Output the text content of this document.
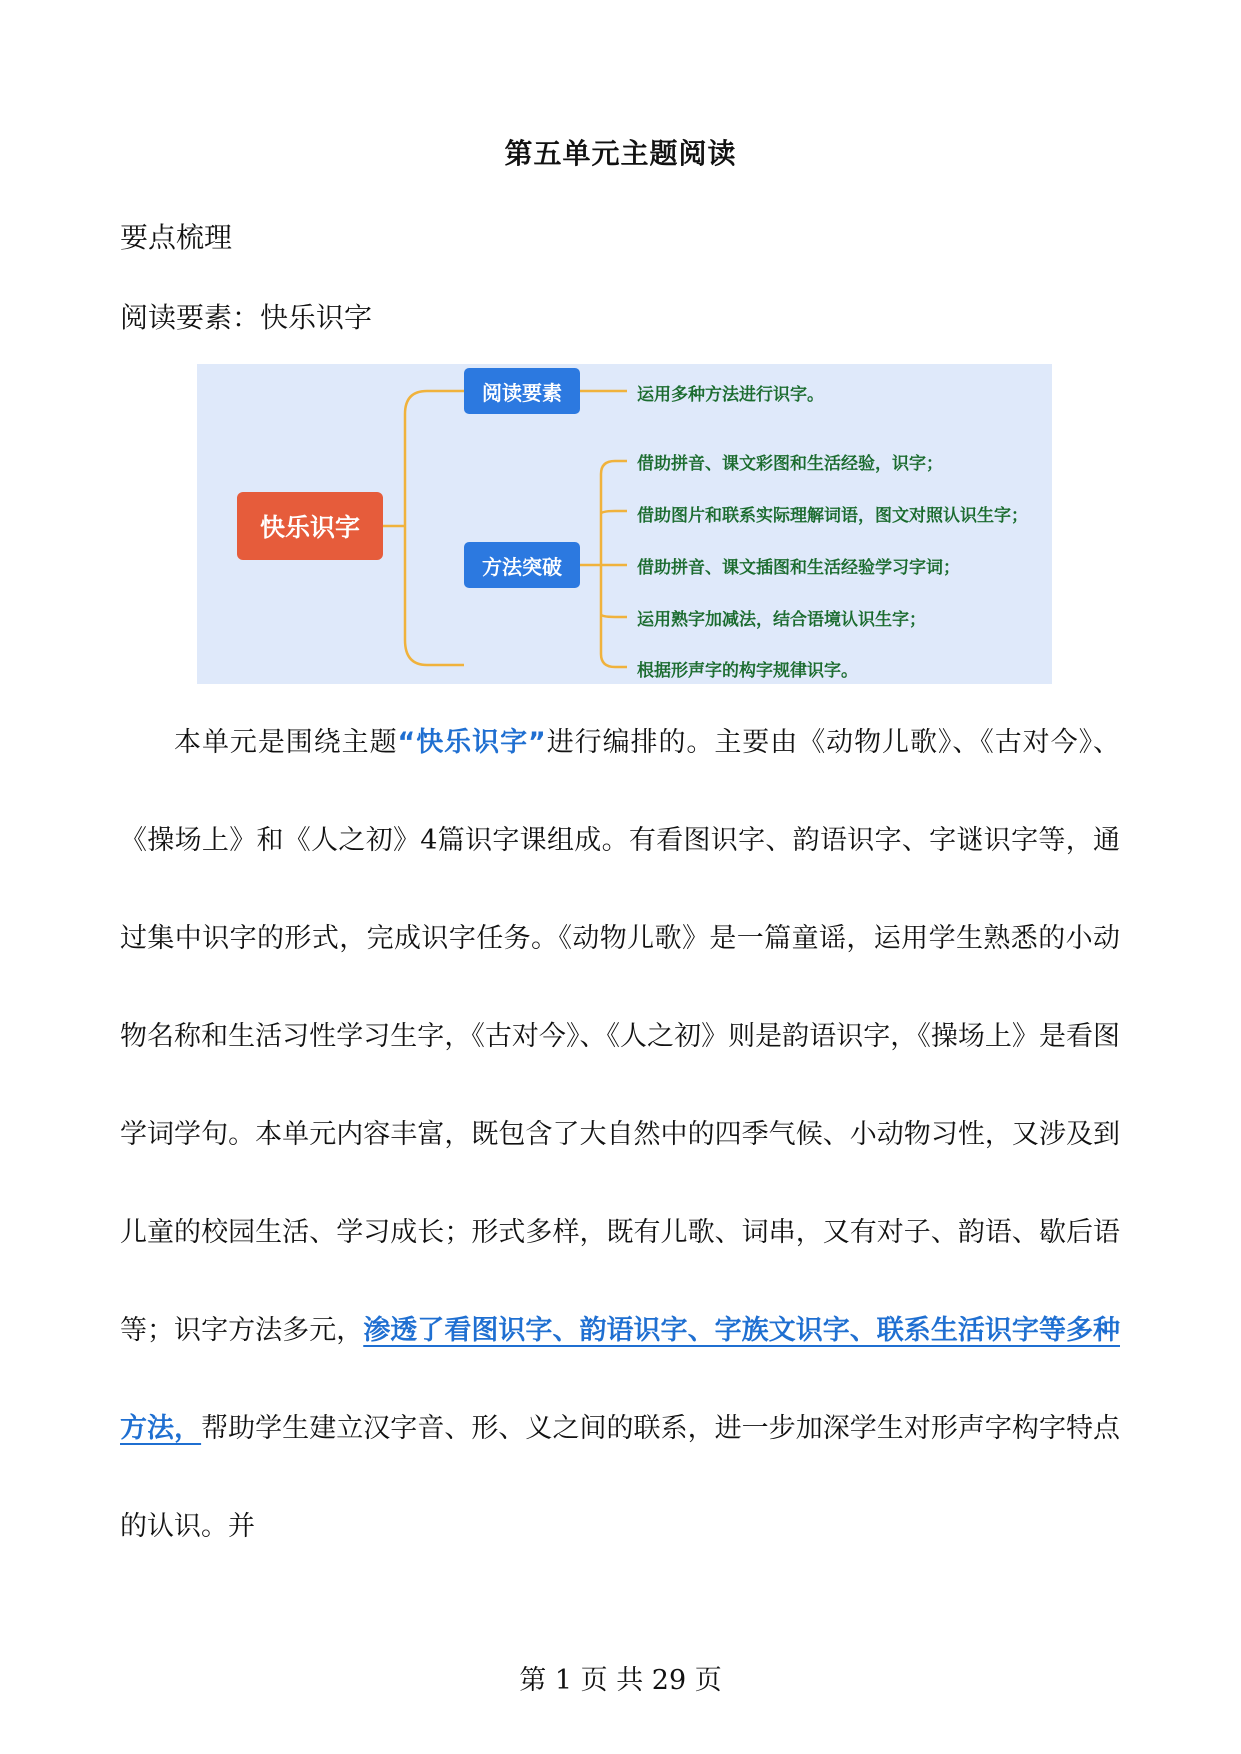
第五单元主题阅读
要点梳理
阅读要素：快乐识字
快乐识字
阅读要素
方法突破
运用多种方法进行识字。
借助拼音、课文彩图和生活经验，识字；
借助图片和联系实际理解词语，图文对照认识生字；
借助拼音、课文插图和生活经验学习字词；
运用熟字加减法，结合语境认识生字；
根据形声字的构字规律识字。

本单元是围绕主题“快乐识字”进行编排的。主要由《动物儿歌》、《古对今》、《操场上》和《人之初》4篇识字课组成。有看图识字、韵语识字、字谜识字等，通过集中识字的形式，完成识字任务。《动物儿歌》是一篇童谣，运用学生熟悉的小动物名称和生活习性学习生字，《古对今》、《人之初》则是韵语识字，《操场上》是看图学词学句。本单元内容丰富，既包含了大自然中的四季气候、小动物习性，又涉及到儿童的校园生活、学习成长；形式多样，既有儿歌、词串，又有对子、韵语、歇后语等；识字方法多元，渗透了看图识字、韵语识字、字族文识字、联系生活识字等多种方法，帮助学生建立汉字音、形、义之间的联系，进一步加深学生对形声字构字特点的认识。并

第 1 页 共 29 页
